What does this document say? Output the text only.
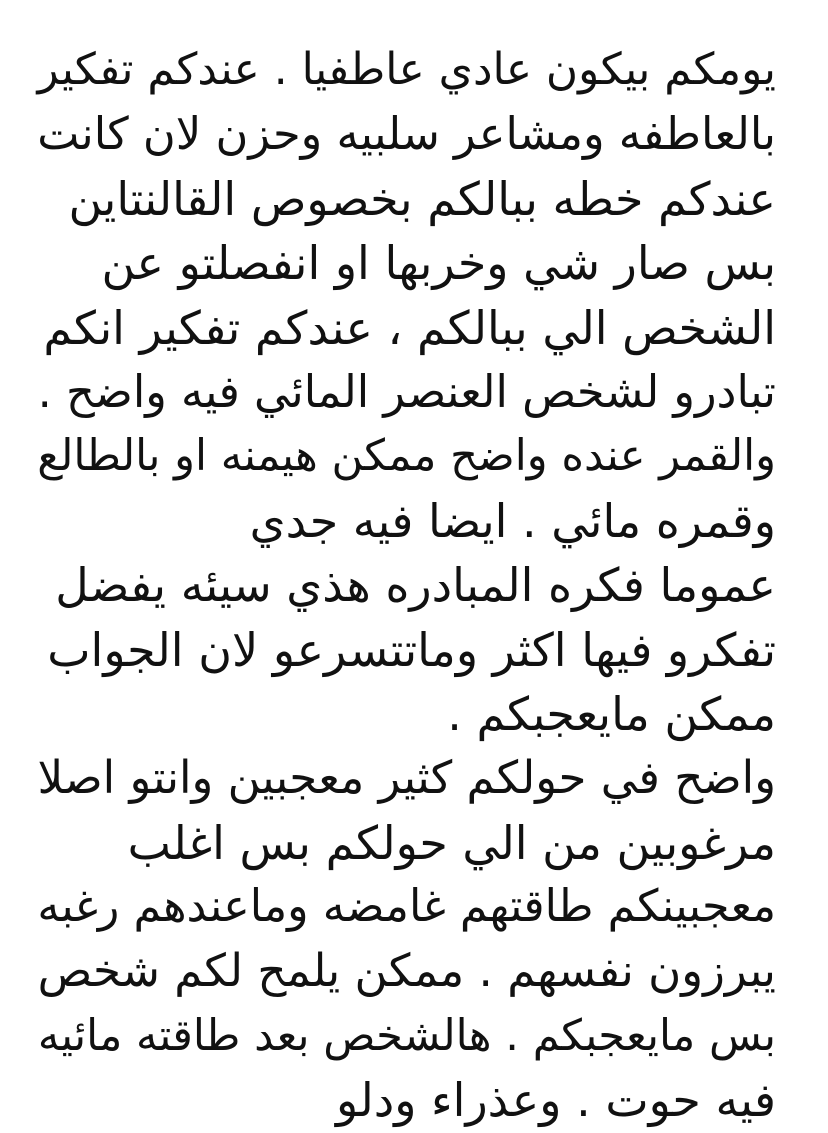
يومكم بيكون عادي عاطفيا . عندكم تفكير
بالعاطفه ومشاعر سلبيه وحزن لان كانت
عندكم خطه ببالكم بخصوص القالنتاين
بس صار شي وخربها او انفصلتو عن
الشخص الي ببالكم ، عندكم تفكير انكم
تبادرو لشخص العنصر المائي فيه واضح .
والقمر عنده واضح ممكن هيمنه او بالطالع
وقمره مائي . ايضا فيه جدي
عموما فكره المبادره هذي سيئه يفضل
تفكرو فيها اكثر وماتتسرعو لان الجواب
ممكن مايعجبكم .
واضح في حولكم كثير معجبين وانتو اصلا
مرغوبين من الي حولكم بس اغلب
معجبينكم طاقتهم غامضه وماعندهم رغبه
يبرزون نفسهم . ممكن يلمح لكم شخص
بس مايعجبكم . هالشخص بعد طاقته مائيه
فيه حوت . وعذراء ودلو
